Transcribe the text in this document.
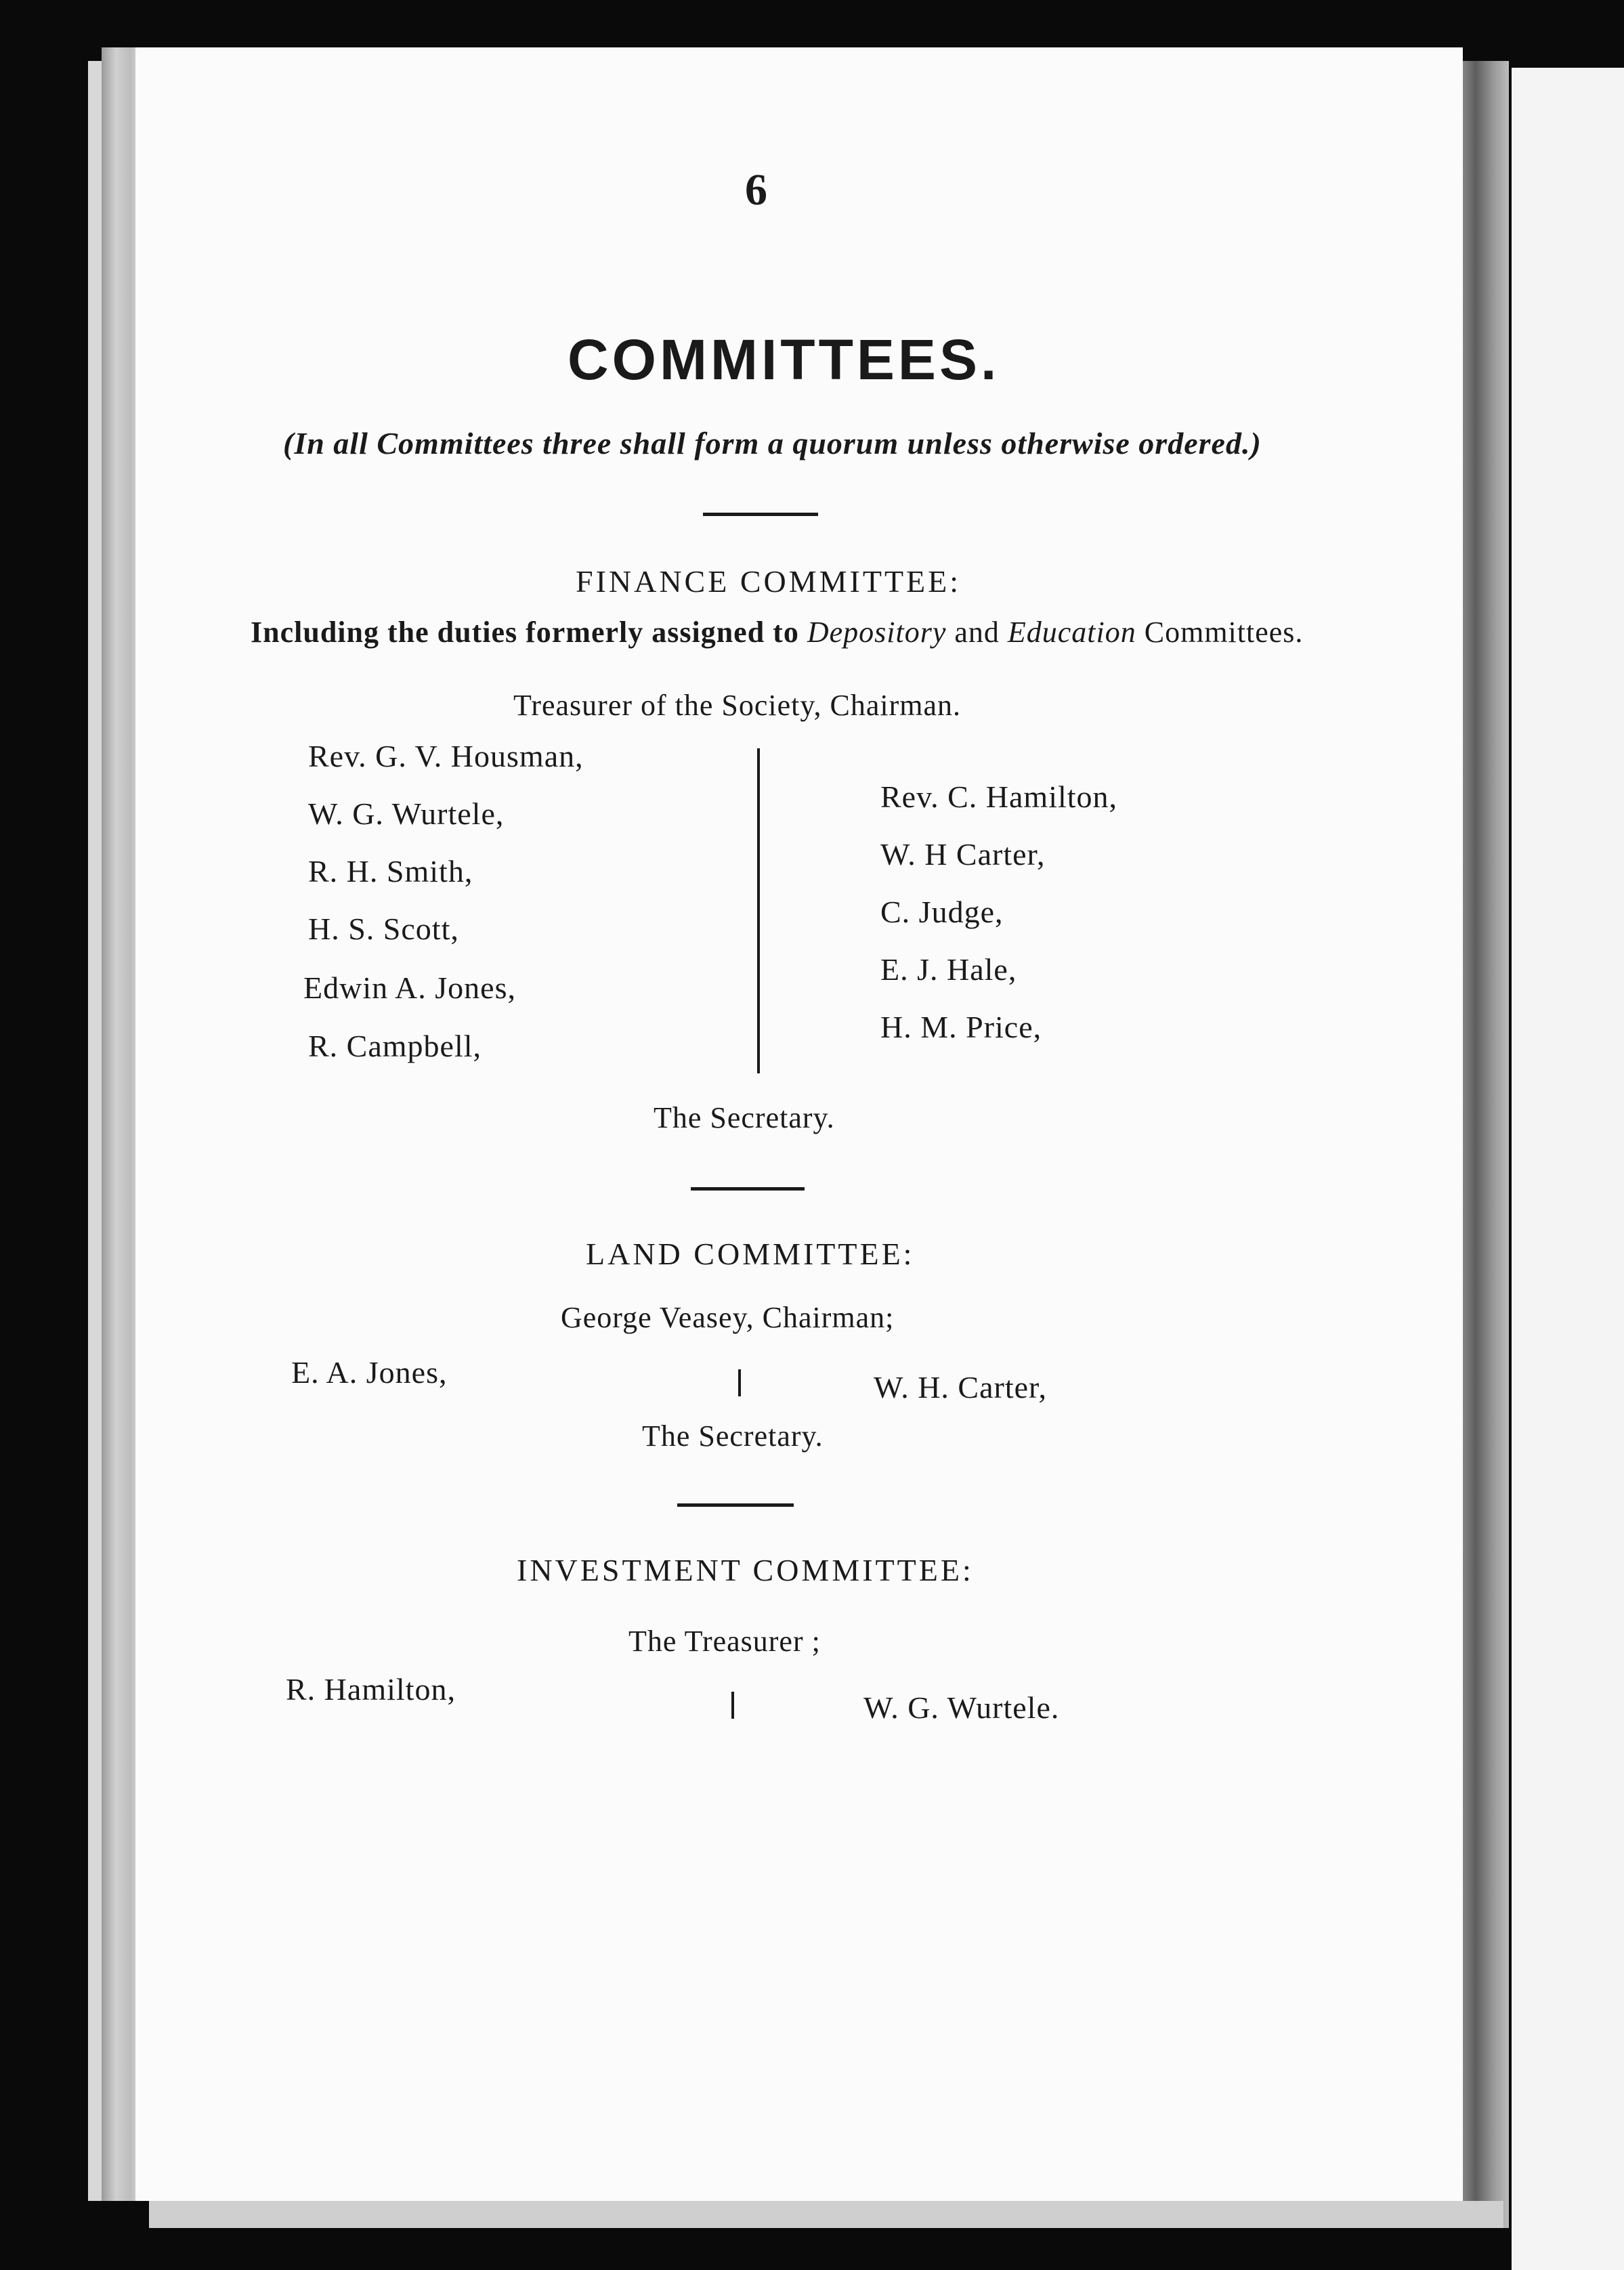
6
COMMITTEES.
(In all Committees three shall form a quorum unless otherwise ordered.)
FINANCE COMMITTEE:
Including the duties formerly assigned to Depository and Education Committees.
Treasurer of the Society, Chairman.
Rev. G. V. Housman,
W. G. Wurtele,
R. H. Smith,
H. S. Scott,
Edwin A. Jones,
R. Campbell,
Rev. C. Hamilton,
W. H Carter,
C. Judge,
E. J. Hale,
H. M. Price,
The Secretary.
LAND COMMITTEE:
George Veasey, Chairman;
E. A. Jones,	W. H. Carter,
The Secretary.
INVESTMENT COMMITTEE:
The Treasurer ;
R. Hamilton,
W. G. Wurtele.
